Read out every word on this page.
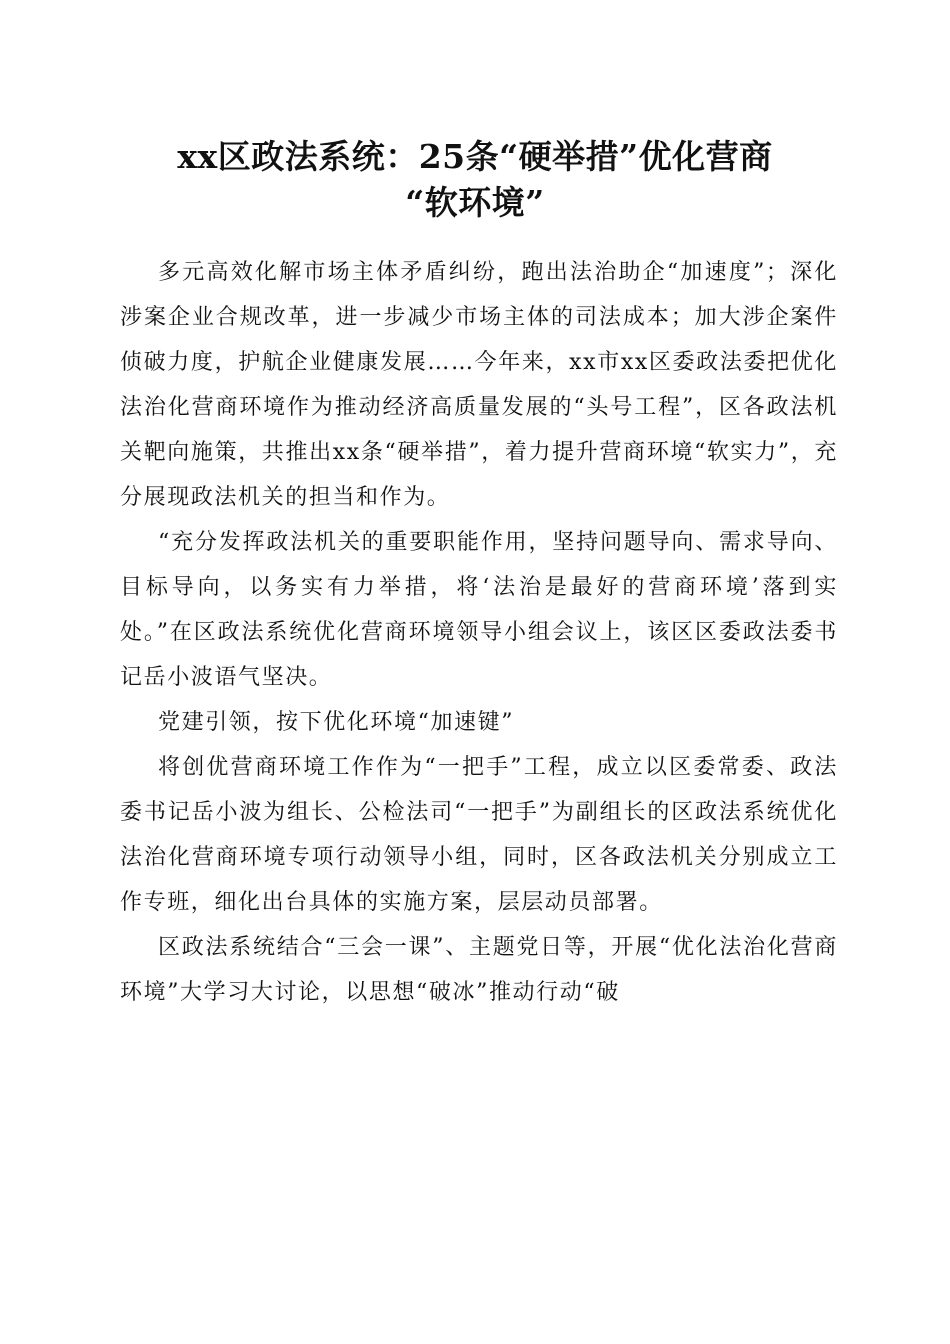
xx区政法系统：25条“硬举措”优化营商
“软环境”

多元高效化解市场主体矛盾纠纷，跑出法治助企“加速度”；深化涉案企业合规改革，进一步减少市场主体的司法成本；加大涉企案件侦破力度，护航企业健康发展……今年来，xx市xx区委政法委把优化法治化营商环境作为推动经济高质量发展的“头号工程”，区各政法机关靶向施策，共推出xx条“硬举措”，着力提升营商环境“软实力”，充分展现政法机关的担当和作为。

“充分发挥政法机关的重要职能作用，坚持问题导向、需求导向、目标导向，以务实有力举措，将‘法治是最好的营商环境’落到实处。”在区政法系统优化营商环境领导小组会议上，该区区委政法委书记岳小波语气坚决。

党建引领，按下优化环境“加速键”

将创优营商环境工作作为“一把手”工程，成立以区委常委、政法委书记岳小波为组长、公检法司“一把手”为副组长的区政法系统优化法治化营商环境专项行动领导小组，同时，区各政法机关分别成立工作专班，细化出台具体的实施方案，层层动员部署。

区政法系统结合“三会一课”、主题党日等，开展“优化法治化营商环境”大学习大讨论，以思想“破冰”推动行动“破
